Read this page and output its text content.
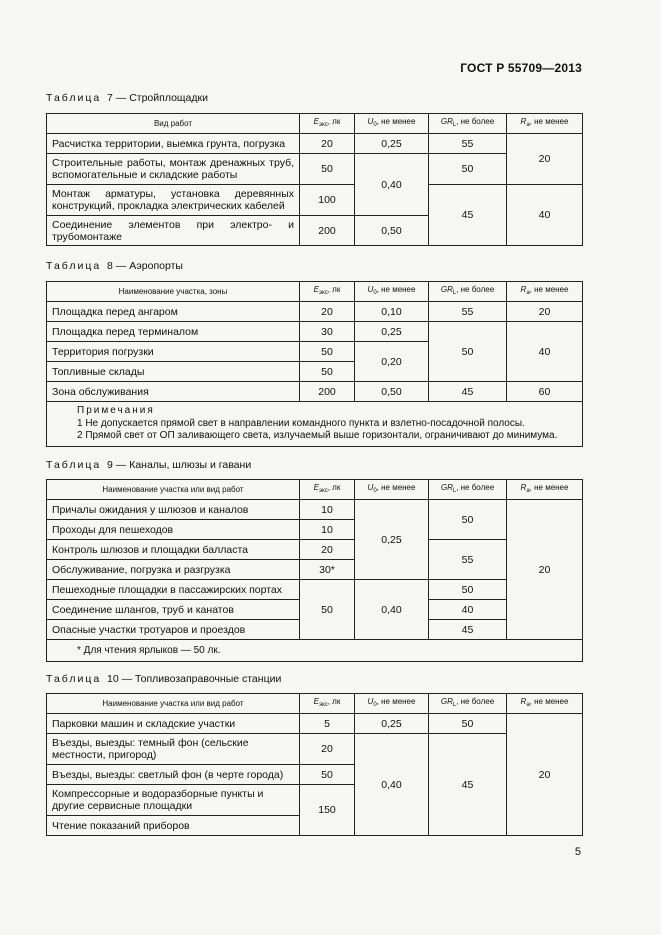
ГОСТ Р 55709—2013
Таблица 7 — Стройплощадки
Вид работ	$E_{экс}$, лк	$U_0$, не менее	$GR_L$, не более	$R_a$, не менее
Расчистка территории, выемка грунта, погрузка	20	0,25	55	20
Строительные работы, монтаж дренажных труб, вспомогательные и складские работы	50	0,40	50	
Монтаж арматуры, установка деревянных конструкций, прокладка электрических кабелей	100		45	40
Соединение элементов при электро- и трубомонтаже	200	0,50		
Таблица 8 — Аэропорты
Наименование участка, зоны	$E_{экс}$, лк	$U_0$, не менее	$GR_L$, не более	$R_a$, не менее
Площадка перед ангаром	20	0,10	55	20
Площадка перед терминалом	30	0,25	50	40
Территория погрузки	50	0,20		
Топливные склады	50			
Зона обслуживания	200	0,50	45	60

Примечания
1 Не допускается прямой свет в направлении командного пункта и взлетно-посадочной полосы.
2 Прямой свет от ОП заливающего света, излучаемый выше горизонтали, ограничивают до минимума.				
Таблица 9 — Каналы, шлюзы и гавани
Наименование участка или вид работ	$E_{экс}$, лк	$U_0$, не менее	$GR_L$, не более	$R_a$, не менее
Причалы ожидания у шлюзов и каналов	10	0,25	50	20
Проходы для пешеходов	10			
Контроль шлюзов и площадки балласта	20		55	
Обслуживание, погрузка и разгрузка	30*			
Пешеходные площадки в пассажирских портах	50	0,40	50	
Соединение шлангов, труб и канатов			40	
Опасные участки тротуаров и проездов			45	
* Для чтения ярлыков — 50 лк.				
Таблица 10 — Топливозаправочные станции
Наименование участка или вид работ	$E_{экс}$, лк	$U_0$, не менее	$GR_L$, не более	$R_a$, не менее
Парковки машин и складские участки	5	0,25	50	20
Въезды, выезды: темный фон (сельские местности, пригород)	20	0,40	45	
Въезды, выезды: светлый фон (в черте города)	50			
Компрессорные и водоразборные пункты и другие сервисные площадки	150			
Чтение показаний приборов				
5
